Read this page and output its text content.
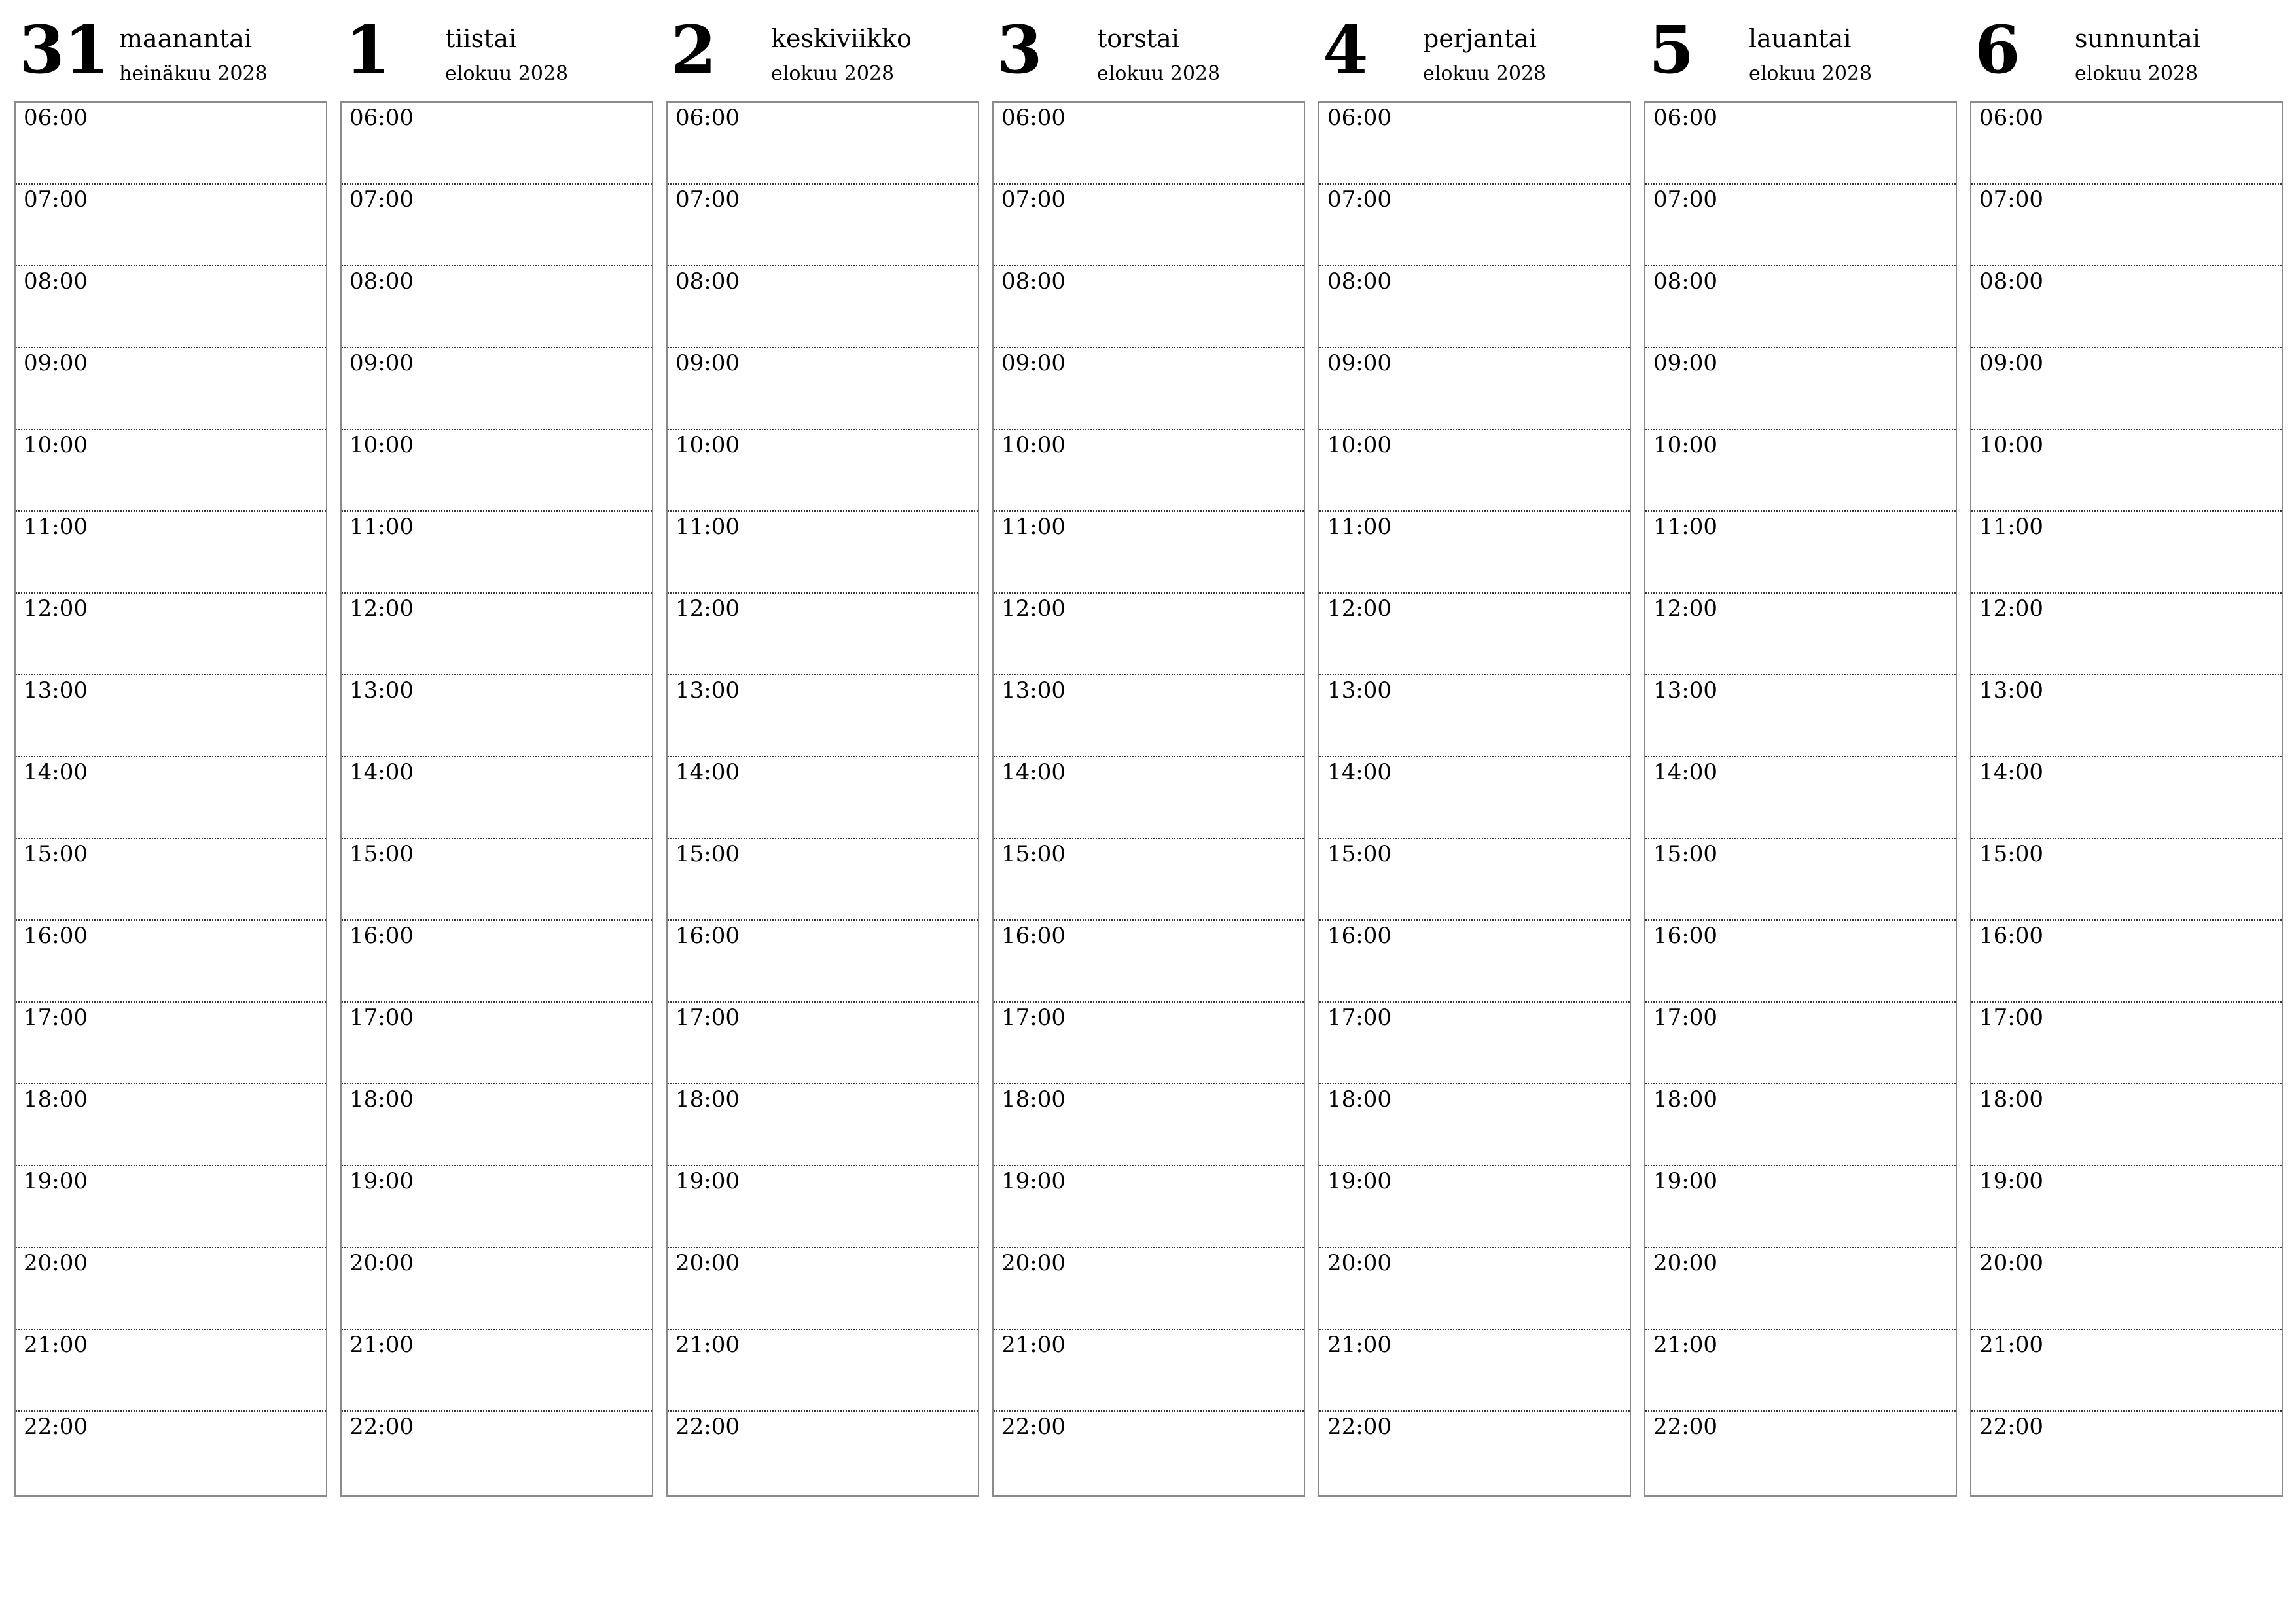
31 maanantai
heinäkuu 2028
06:00
07:00
08:00
09:00
10:00
11:00
12:00
13:00
14:00
15:00
16:00
17:00
18:00
19:00
20:00
21:00
22:00
1 tiistai
elokuu 2028
06:00
07:00
08:00
09:00
10:00
11:00
12:00
13:00
14:00
15:00
16:00
17:00
18:00
19:00
20:00
21:00
22:00
2 keskiviikko
elokuu 2028
06:00
07:00
08:00
09:00
10:00
11:00
12:00
13:00
14:00
15:00
16:00
17:00
18:00
19:00
20:00
21:00
22:00
3 torstai
elokuu 2028
06:00
07:00
08:00
09:00
10:00
11:00
12:00
13:00
14:00
15:00
16:00
17:00
18:00
19:00
20:00
21:00
22:00
4 perjantai
elokuu 2028
06:00
07:00
08:00
09:00
10:00
11:00
12:00
13:00
14:00
15:00
16:00
17:00
18:00
19:00
20:00
21:00
22:00
5 lauantai
elokuu 2028
06:00
07:00
08:00
09:00
10:00
11:00
12:00
13:00
14:00
15:00
16:00
17:00
18:00
19:00
20:00
21:00
22:00
6 sunnuntai
elokuu 2028
06:00
07:00
08:00
09:00
10:00
11:00
12:00
13:00
14:00
15:00
16:00
17:00
18:00
19:00
20:00
21:00
22:00
